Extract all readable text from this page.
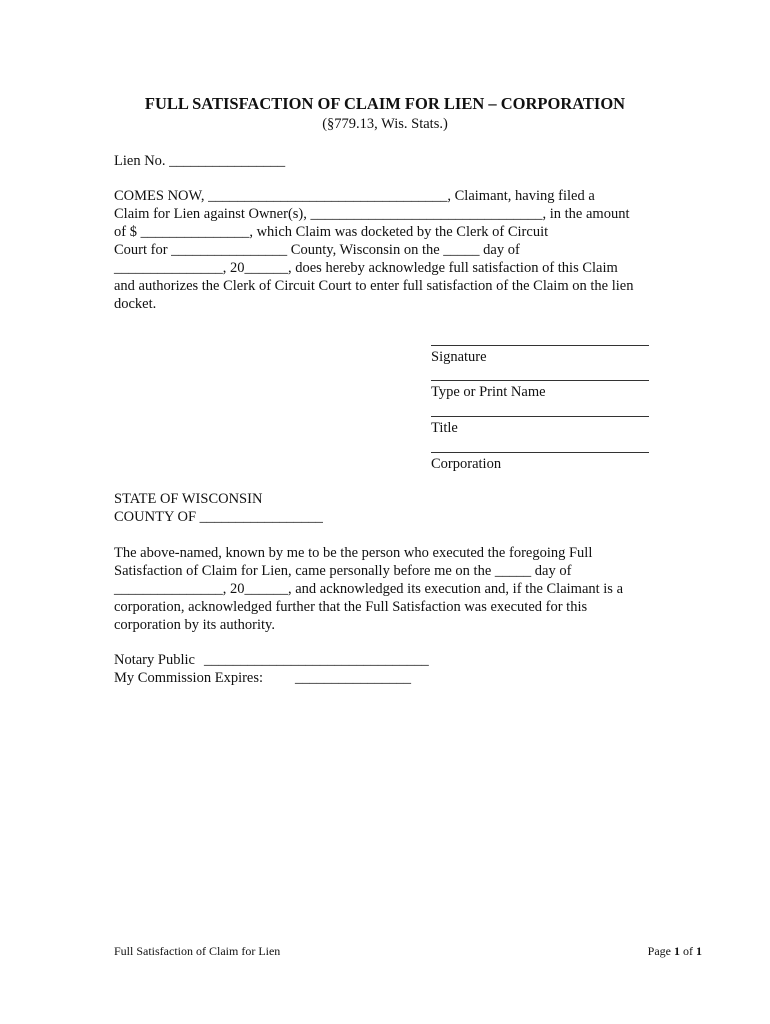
FULL SATISFACTION OF CLAIM FOR LIEN – CORPORATION
(§779.13, Wis. Stats.)
Lien No. ________________
COMES NOW, _________________________________, Claimant, having filed a
Claim for Lien against Owner(s), ________________________________, in the amount
of $ _______________, which Claim was docketed by the Clerk of Circuit
Court for ________________ County, Wisconsin on the _____ day of
_______________, 20______, does hereby acknowledge full satisfaction of this Claim
and authorizes the Clerk of Circuit Court to enter full satisfaction of the Claim on the lien
docket.
Signature
Type or Print Name
Title
Corporation
STATE OF WISCONSIN
COUNTY OF _________________
The above-named, known by me to be the person who executed the foregoing Full
Satisfaction of Claim for Lien, came personally before me on the _____ day of
_______________, 20______, and acknowledged its execution and, if the Claimant is a
corporation, acknowledged further that the Full Satisfaction was executed for this
corporation by its authority.
Notary Public _______________________________
My Commission Expires: ________________
Full Satisfaction of Claim for Lien	Page 1 of 1
